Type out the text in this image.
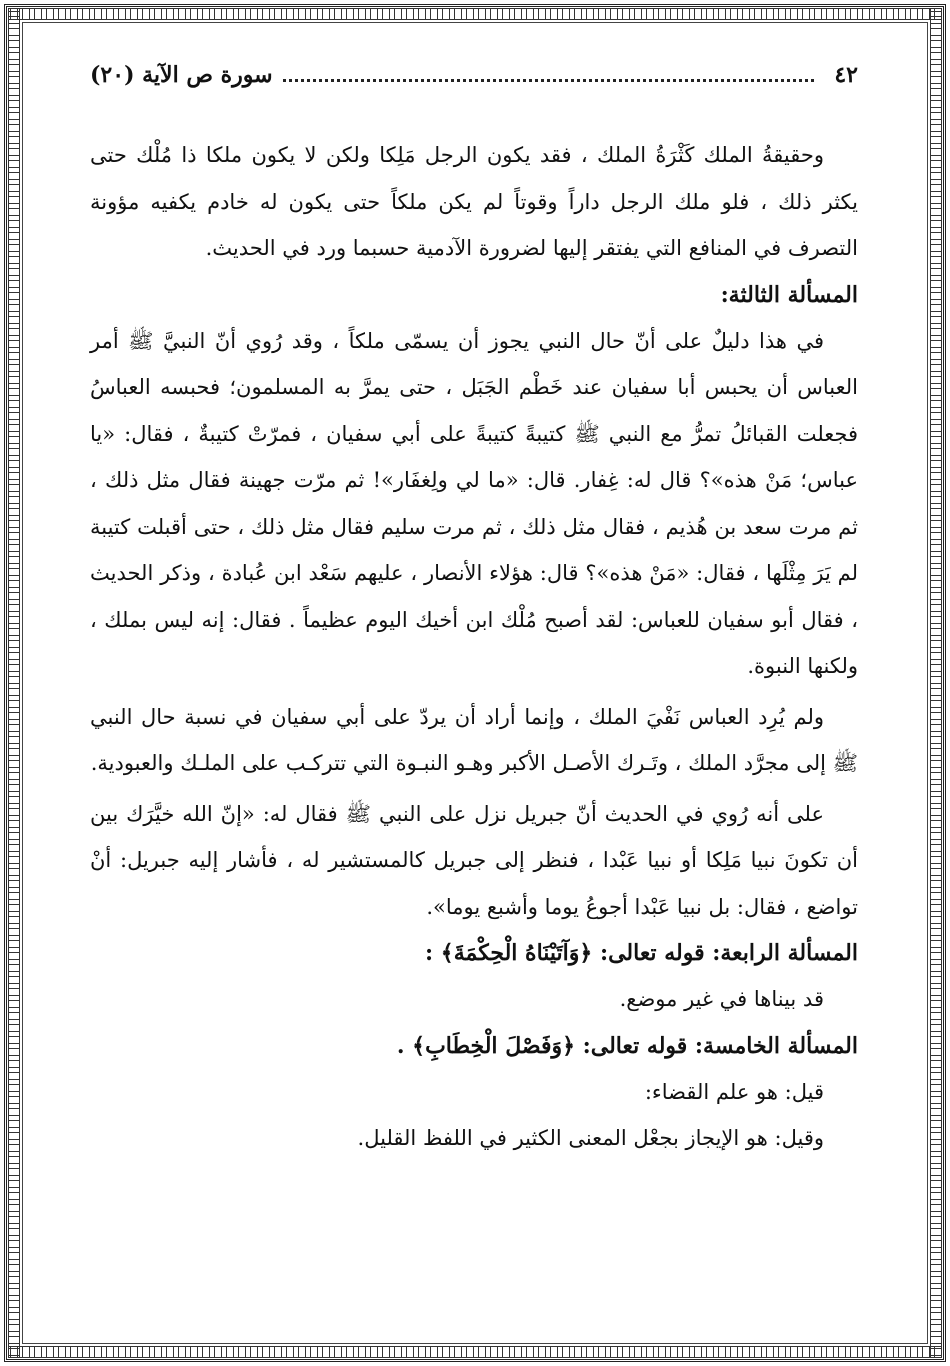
٤٢
سورة ص الآية (٢٠)

وحقيقةُ الملك كَثْرَةُ الملك ، فقد يكون الرجل مَلِكا ولكن لا يكون ملكا ذا مُلْك حتى يكثر ذلك ، فلو ملك الرجل داراً وقوتاً لم يكن ملكاً حتى يكون له خادم يكفيه مؤونة التصرف في المنافع التي يفتقر إليها لضرورة الآدمية حسبما ورد في الحديث.

المسألة الثالثة:

في هذا دليلٌ على أنّ حال النبي يجوز أن يسمّى ملكاً ، وقد رُوي أنّ النبيَّ ﷺ أمر العباس أن يحبس أبا سفيان عند خَطْم الجَبَل ، حتى يمرَّ به المسلمون؛ فحبسه العباسُ فجعلت القبائلُ تمرُّ مع النبي ﷺ كتيبةً كتيبةً على أبي سفيان ، فمرّتْ كتيبةٌ ، فقال: «يا عباس؛ مَنْ هذه»؟ قال له: غِفار. قال: «ما لي ولِغفَار»! ثم مرّت جهينة فقال مثل ذلك ، ثم مرت سعد بن هُذيم ، فقال مثل ذلك ، ثم مرت سليم فقال مثل ذلك ، حتى أقبلت كتيبة لم يَرَ مِثْلَها ، فقال: «مَنْ هذه»؟ قال: هؤلاء الأنصار ، عليهم سَعْد ابن عُبادة ، وذكر الحديث ، فقال أبو سفيان للعباس: لقد أصبح مُلْك ابن أخيك اليوم عظيماً . فقال: إنه ليس بملك ، ولكنها النبوة.

ولم يُرِد العباس نَفْيَ الملك ، وإنما أراد أن يردّ على أبي سفيان في نسبة حال النبي ﷺ إلى مجرَّد الملك ، وتَـرك الأصـل الأكبر وهـو النبـوة التي تتركـب على الملـك والعبودية.

على أنه رُوي في الحديث أنّ جبريل نزل على النبي ﷺ فقال له: «إنّ الله خيَّرَك بين أن تكونَ نبيا مَلِكا أو نبيا عَبْدا ، فنظر إلى جبريل كالمستشير له ، فأشار إليه جبريل: أنْ تواضع ، فقال: بل نبيا عَبْدا أجوعُ يوما وأشبع يوما».

المسألة الرابعة: قوله تعالى: ﴿وَآتَيْنَاهُ الْحِكْمَةَ﴾ :

قد بيناها في غير موضع.

المسألة الخامسة: قوله تعالى: ﴿وَفَصْلَ الْخِطَابِ﴾ .

قيل: هو علم القضاء:

وقيل: هو الإيجاز بجعْل المعنى الكثير في اللفظ القليل.
